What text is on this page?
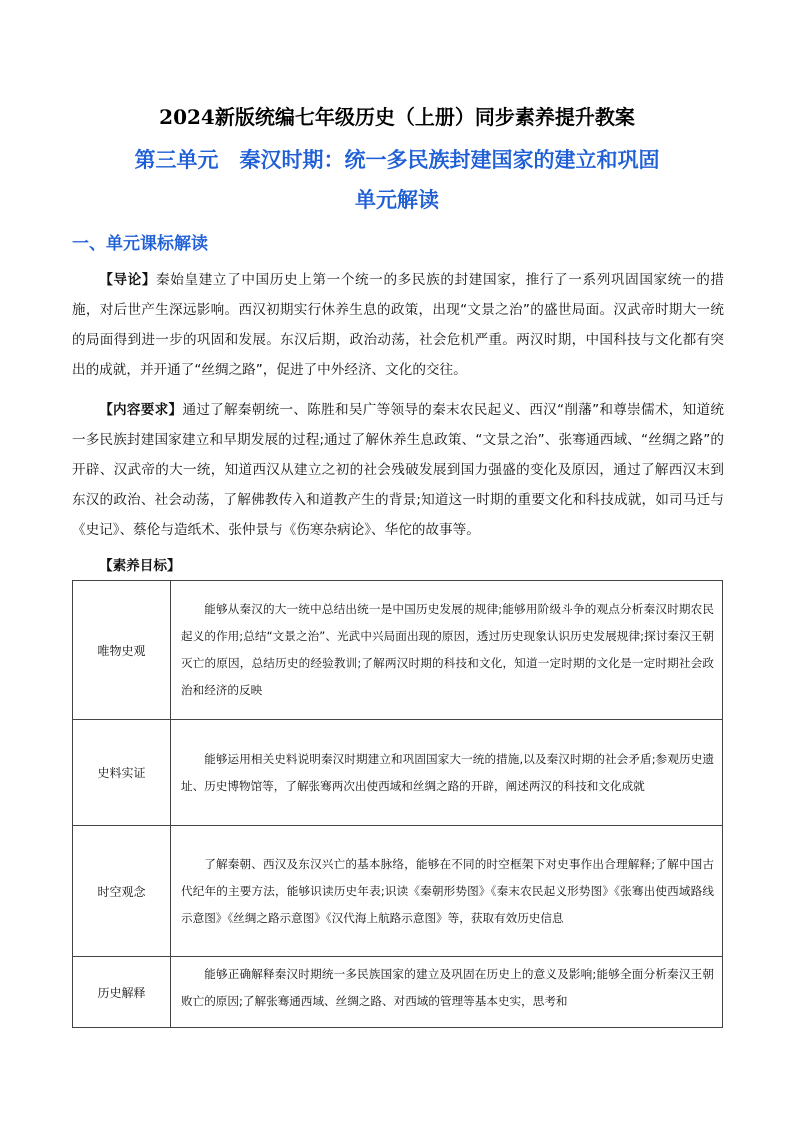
2024新版统编七年级历史（上册）同步素养提升教案
第三单元　秦汉时期：统一多民族封建国家的建立和巩固
单元解读
一、单元课标解读

【导论】秦始皇建立了中国历史上第一个统一的多民族的封建国家，推行了一系列巩固国家统一的措施，对后世产生深远影响。西汉初期实行休养生息的政策，出现“文景之治”的盛世局面。汉武帝时期大一统的局面得到进一步的巩固和发展。东汉后期，政治动荡，社会危机严重。两汉时期，中国科技与文化都有突出的成就，并开通了“丝绸之路”，促进了中外经济、文化的交往。

【内容要求】通过了解秦朝统一、陈胜和吴广等领导的秦末农民起义、西汉“削藩”和尊崇儒术，知道统一多民族封建国家建立和早期发展的过程;通过了解休养生息政策、“文景之治”、张骞通西域、“丝绸之路”的开辟、汉武帝的大一统，知道西汉从建立之初的社会残破发展到国力强盛的变化及原因，通过了解西汉末到东汉的政治、社会动荡，了解佛教传入和道教产生的背景;知道这一时期的重要文化和科技成就，如司马迁与《史记》、蔡伦与造纸术、张仲景与《伤寒杂病论》、华佗的故事等。

【素养目标】
唯物史观	能够从秦汉的大一统中总结出统一是中国历史发展的规律;能够用阶级斗争的观点分析秦汉时期农民起义的作用;总结“文景之治”、光武中兴局面出现的原因，透过历史现象认识历史发展规律;探讨秦汉王朝灭亡的原因，总结历史的经验教训;了解两汉时期的科技和文化，知道一定时期的文化是一定时期社会政治和经济的反映
史料实证	能够运用相关史料说明秦汉时期建立和巩固国家大一统的措施,以及秦汉时期的社会矛盾;参观历史遗址、历史博物馆等，了解张骞两次出使西域和丝绸之路的开辟，阐述两汉的科技和文化成就
时空观念	了解秦朝、西汉及东汉兴亡的基本脉络，能够在不同的时空框架下对史事作出合理解释;了解中国古代纪年的主要方法，能够识读历史年表;识读《秦朝形势图》《秦末农民起义形势图》《张骞出使西域路线示意图》《丝绸之路示意图》《汉代海上航路示意图》等，获取有效历史信息
历史解释	能够正确解释秦汉时期统一多民族国家的建立及巩固在历史上的意义及影响;能够全面分析秦汉王朝败亡的原因;了解张骞通西域、丝绸之路、对西域的管理等基本史实，思考和
